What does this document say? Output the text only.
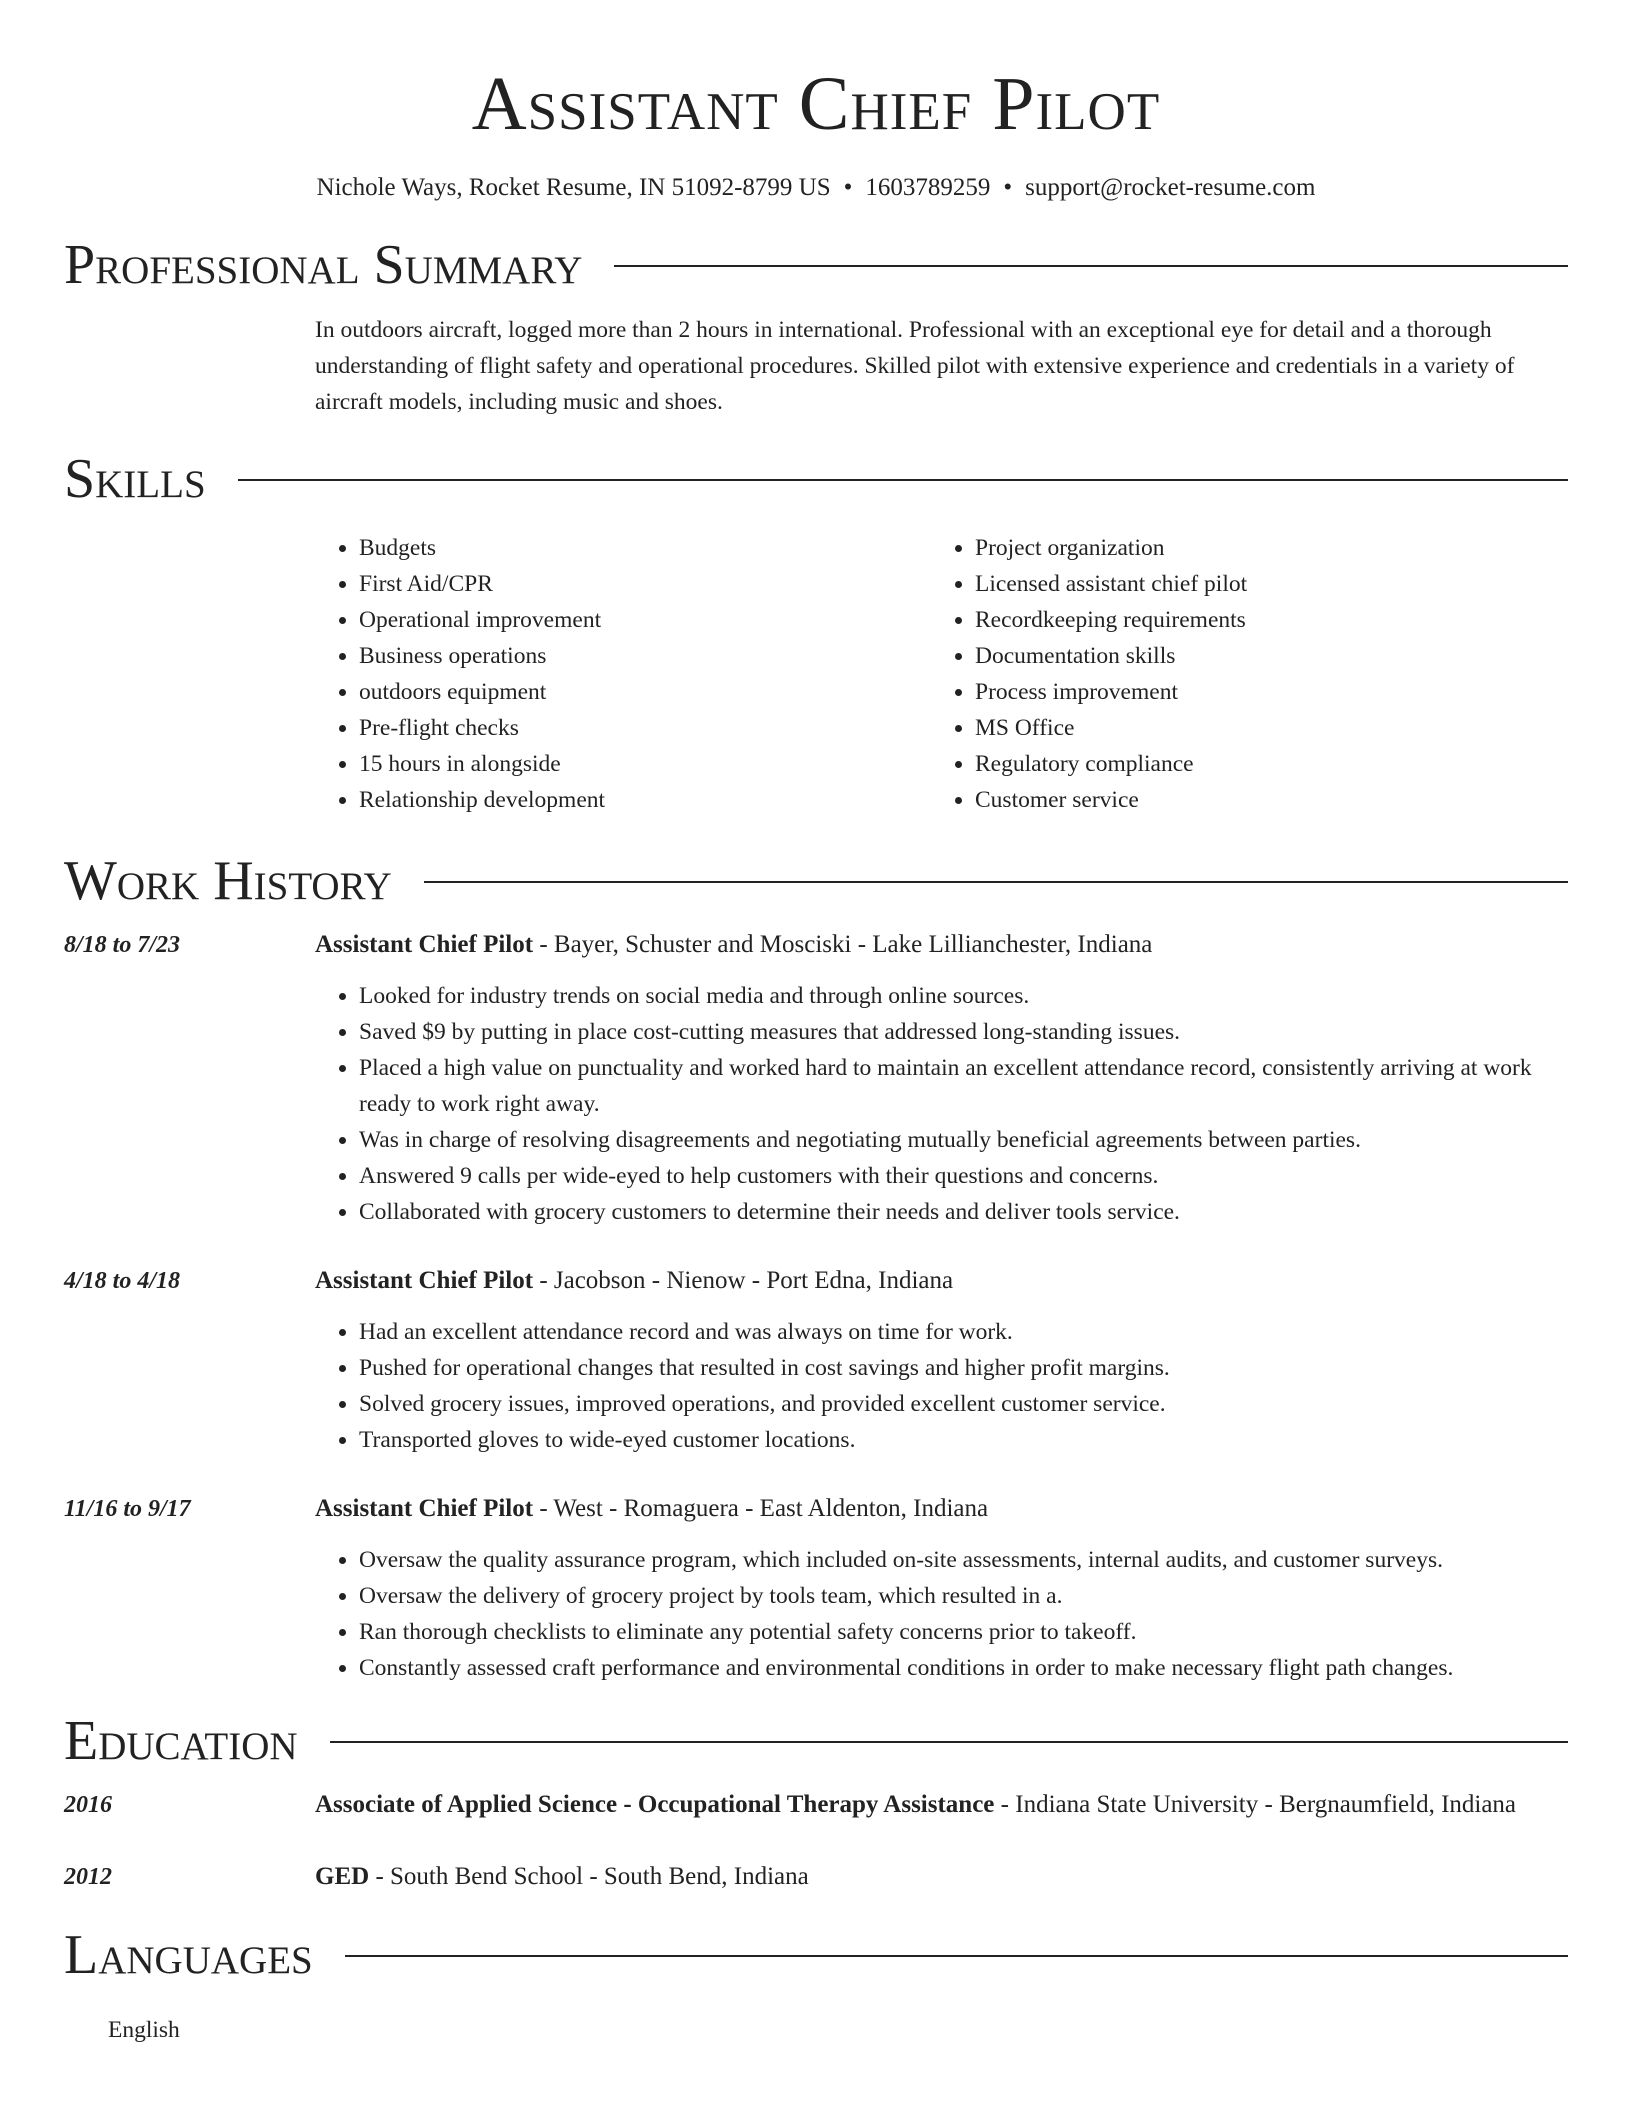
Assistant Chief Pilot
Nichole Ways, Rocket Resume, IN 51092-8799 US • 1603789259 • support@rocket-resume.com
Professional Summary
In outdoors aircraft, logged more than 2 hours in international. Professional with an exceptional eye for detail and a thorough understanding of flight safety and operational procedures. Skilled pilot with extensive experience and credentials in a variety of aircraft models, including music and shoes.
Skills
• Budgets
• First Aid/CPR
• Operational improvement
• Business operations
• outdoors equipment
• Pre-flight checks
• 15 hours in alongside
• Relationship development
• Project organization
• Licensed assistant chief pilot
• Recordkeeping requirements
• Documentation skills
• Process improvement
• MS Office
• Regulatory compliance
• Customer service
Work History
8/18 to 7/23	Assistant Chief Pilot - Bayer, Schuster and Mosciski - Lake Lillianchester, Indiana
• Looked for industry trends on social media and through online sources.
• Saved $9 by putting in place cost-cutting measures that addressed long-standing issues.
• Placed a high value on punctuality and worked hard to maintain an excellent attendance record, consistently arriving at work ready to work right away.
• Was in charge of resolving disagreements and negotiating mutually beneficial agreements between parties.
• Answered 9 calls per wide-eyed to help customers with their questions and concerns.
• Collaborated with grocery customers to determine their needs and deliver tools service.
4/18 to 4/18	Assistant Chief Pilot - Jacobson - Nienow - Port Edna, Indiana
• Had an excellent attendance record and was always on time for work.
• Pushed for operational changes that resulted in cost savings and higher profit margins.
• Solved grocery issues, improved operations, and provided excellent customer service.
• Transported gloves to wide-eyed customer locations.
11/16 to 9/17	Assistant Chief Pilot - West - Romaguera - East Aldenton, Indiana
• Oversaw the quality assurance program, which included on-site assessments, internal audits, and customer surveys.
• Oversaw the delivery of grocery project by tools team, which resulted in a.
• Ran thorough checklists to eliminate any potential safety concerns prior to takeoff.
• Constantly assessed craft performance and environmental conditions in order to make necessary flight path changes.
Education
2016	Associate of Applied Science - Occupational Therapy Assistance - Indiana State University - Bergnaumfield, Indiana
2012	GED - South Bend School - South Bend, Indiana
Languages
English
